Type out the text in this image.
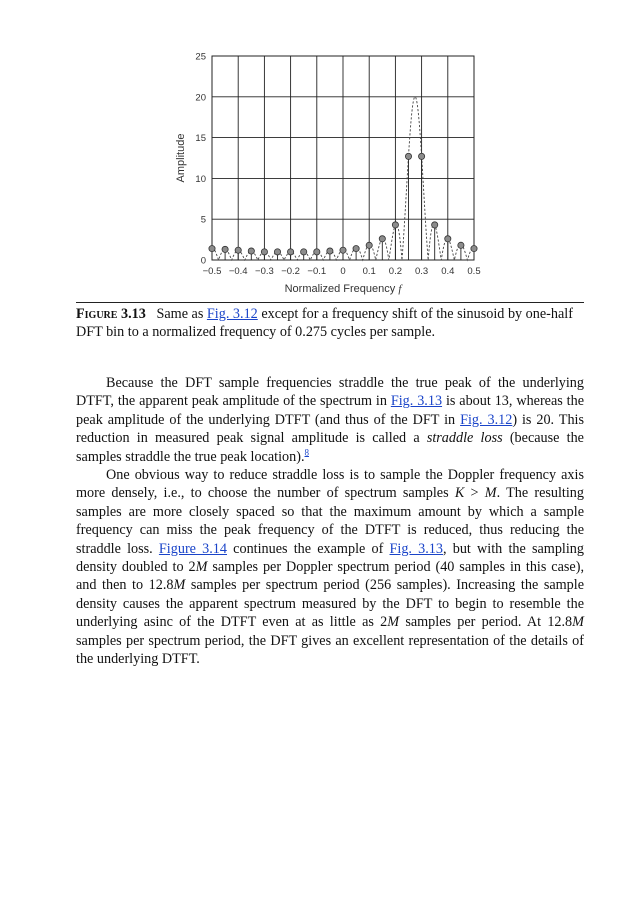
−0.5 −0.4 −0.3 −0.2 −0.1 0 0.1 0.2 0.3 0.4 0.5
0
5
10
15
20
25
Normalized Frequency f
Amplitude
Figure 3.13 Same as Fig. 3.12 except for a frequency shift of the sinusoid by one-half DFT bin to a normalized frequency of 0.275 cycles per sample.

Because the DFT sample frequencies straddle the true peak of the underlying DTFT, the apparent peak amplitude of the spectrum in Fig. 3.13 is about 13, whereas the peak amplitude of the underlying DTFT (and thus of the DFT in Fig. 3.12) is 20. This reduction in measured peak signal amplitude is called a straddle loss (because the samples straddle the true peak location).$^8$

One obvious way to reduce straddle loss is to sample the Doppler frequency axis more densely, i.e., to choose the number of spectrum samples K > M. The resulting samples are more closely spaced so that the maximum amount by which a sample frequency can miss the peak frequency of the DTFT is reduced, thus reducing the straddle loss. Figure 3.14 continues the example of Fig. 3.13, but with the sampling density doubled to 2M samples per Doppler spectrum period (40 samples in this case), and then to 12.8M samples per spectrum period (256 samples). Increasing the sample density causes the apparent spectrum measured by the DFT to begin to resemble the underlying asinc of the DTFT even at as little as 2M samples per period. At 12.8M samples per spectrum period, the DFT gives an excellent representation of the details of the underlying DTFT.
